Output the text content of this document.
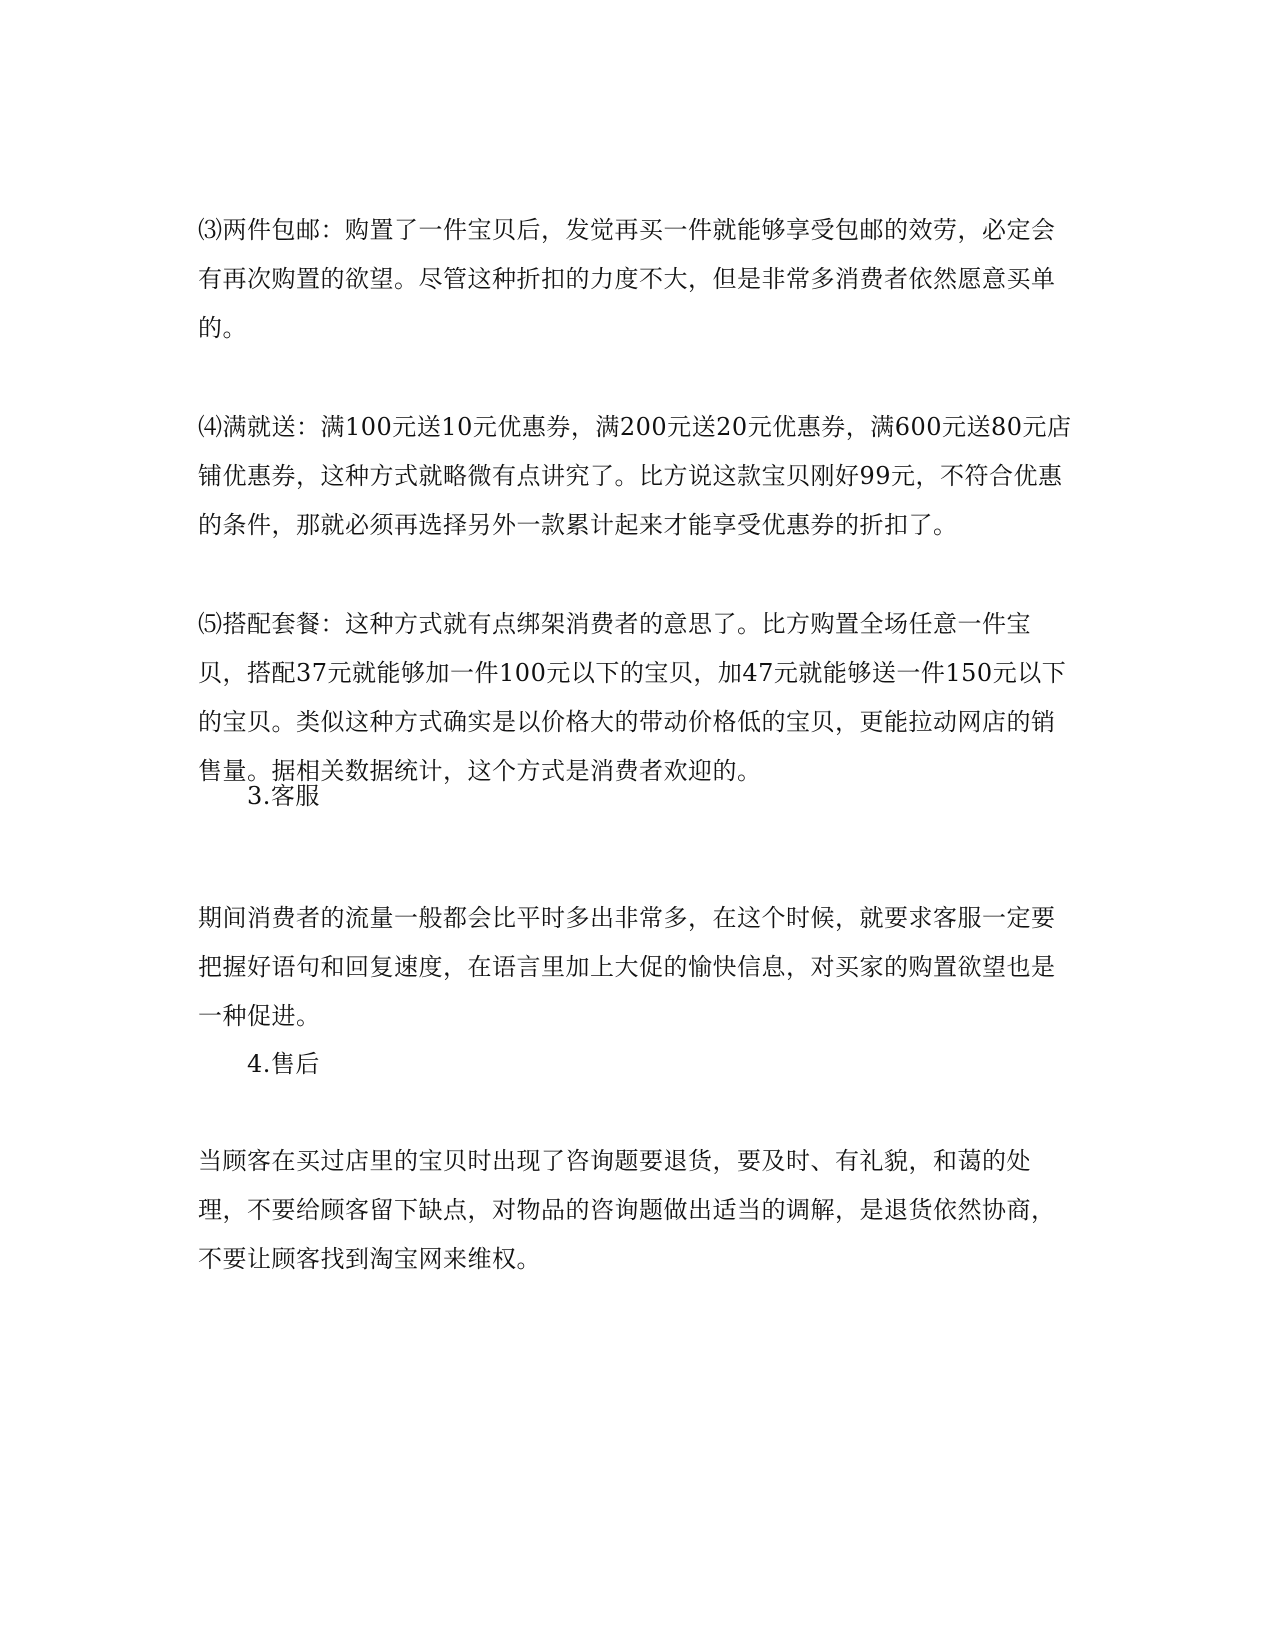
⑶两件包邮：购置了一件宝贝后，发觉再买一件就能够享受包邮的效劳，必定会有再次购置的欲望。尽管这种折扣的力度不大，但是非常多消费者依然愿意买单的。

⑷满就送：满100元送10元优惠券，满200元送20元优惠券，满600元送80元店铺优惠券，这种方式就略微有点讲究了。比方说这款宝贝刚好99元，不符合优惠的条件，那就必须再选择另外一款累计起来才能享受优惠券的折扣了。

⑸搭配套餐：这种方式就有点绑架消费者的意思了。比方购置全场任意一件宝贝，搭配37元就能够加一件100元以下的宝贝，加47元就能够送一件150元以下的宝贝。类似这种方式确实是以价格大的带动价格低的宝贝，更能拉动网店的销售量。据相关数据统计，这个方式是消费者欢迎的。

3.客服

期间消费者的流量一般都会比平时多出非常多，在这个时候，就要求客服一定要把握好语句和回复速度，在语言里加上大促的愉快信息，对买家的购置欲望也是一种促进。

4.售后

当顾客在买过店里的宝贝时出现了咨询题要退货，要及时、有礼貌，和蔼的处理，不要给顾客留下缺点，对物品的咨询题做出适当的调解，是退货依然协商，不要让顾客找到淘宝网来维权。
